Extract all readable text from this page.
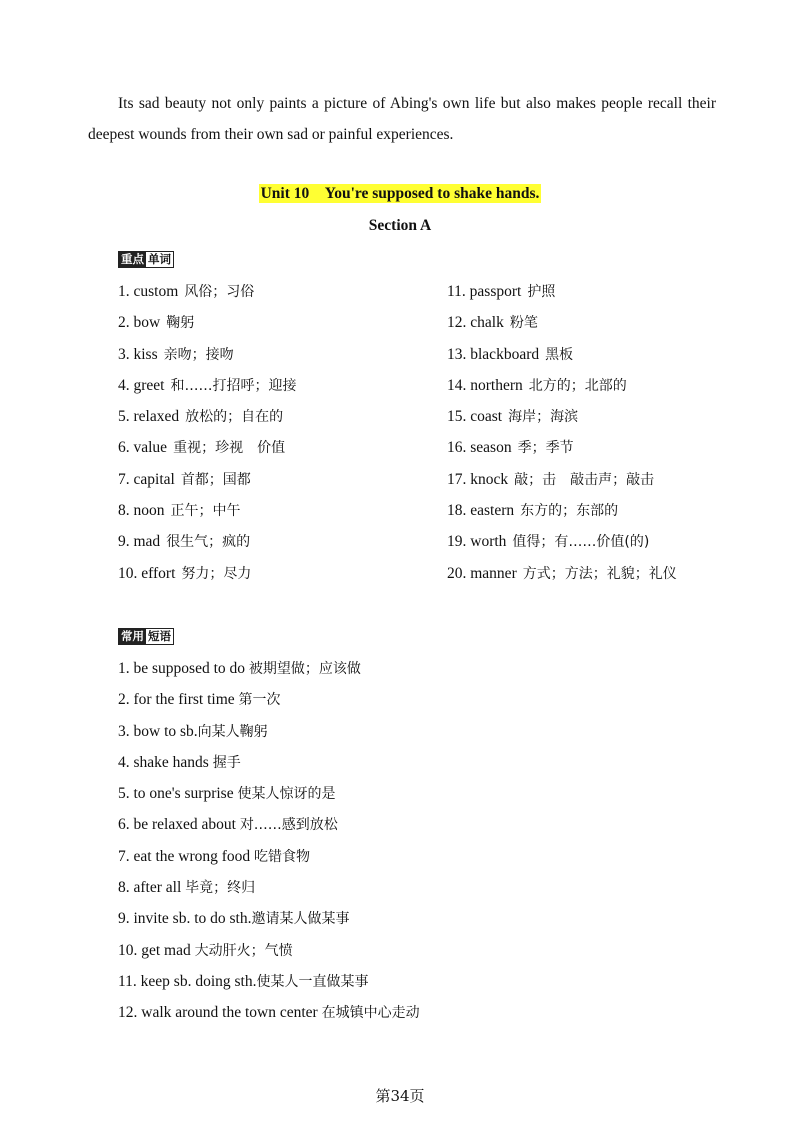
Its sad beauty not only paints a picture of Abing's own life but also makes people recall their deepest wounds from their own sad or painful experiences.
Unit 10    You're supposed to shake hands.
Section A
重点 单词
1. custom 风俗；习俗	11. passport 护照
2. bow 鞠躬	12. chalk 粉笔
3. kiss 亲吻；接吻	13. blackboard 黑板
4. greet 和……打招呼；迎接	14. northern 北方的；北部的
5. relaxed 放松的；自在的	15. coast 海岸；海滨
6. value 重视；珍视　价值	16. season 季；季节
7. capital 首都；国都	17. knock 敲；击　敲击声；敲击
8. noon 正午；中午	18. eastern 东方的；东部的
9. mad 很生气；疯的	19. worth 值得；有……价值(的)
10. effort 努力；尽力	20. manner 方式；方法；礼貌；礼仪
常用 短语
1. be supposed to do 被期望做；应该做
2. for the first time 第一次
3. bow to sb.向某人鞠躬
4. shake hands 握手
5. to one's surprise 使某人惊讶的是
6. be relaxed about 对……感到放松
7. eat the wrong food 吃错食物
8. after all 毕竟；终归
9. invite sb. to do sth.邀请某人做某事
10. get mad 大动肝火；气愤
11. keep sb. doing sth.使某人一直做某事
12. walk around the town center 在城镇中心走动
第34页
